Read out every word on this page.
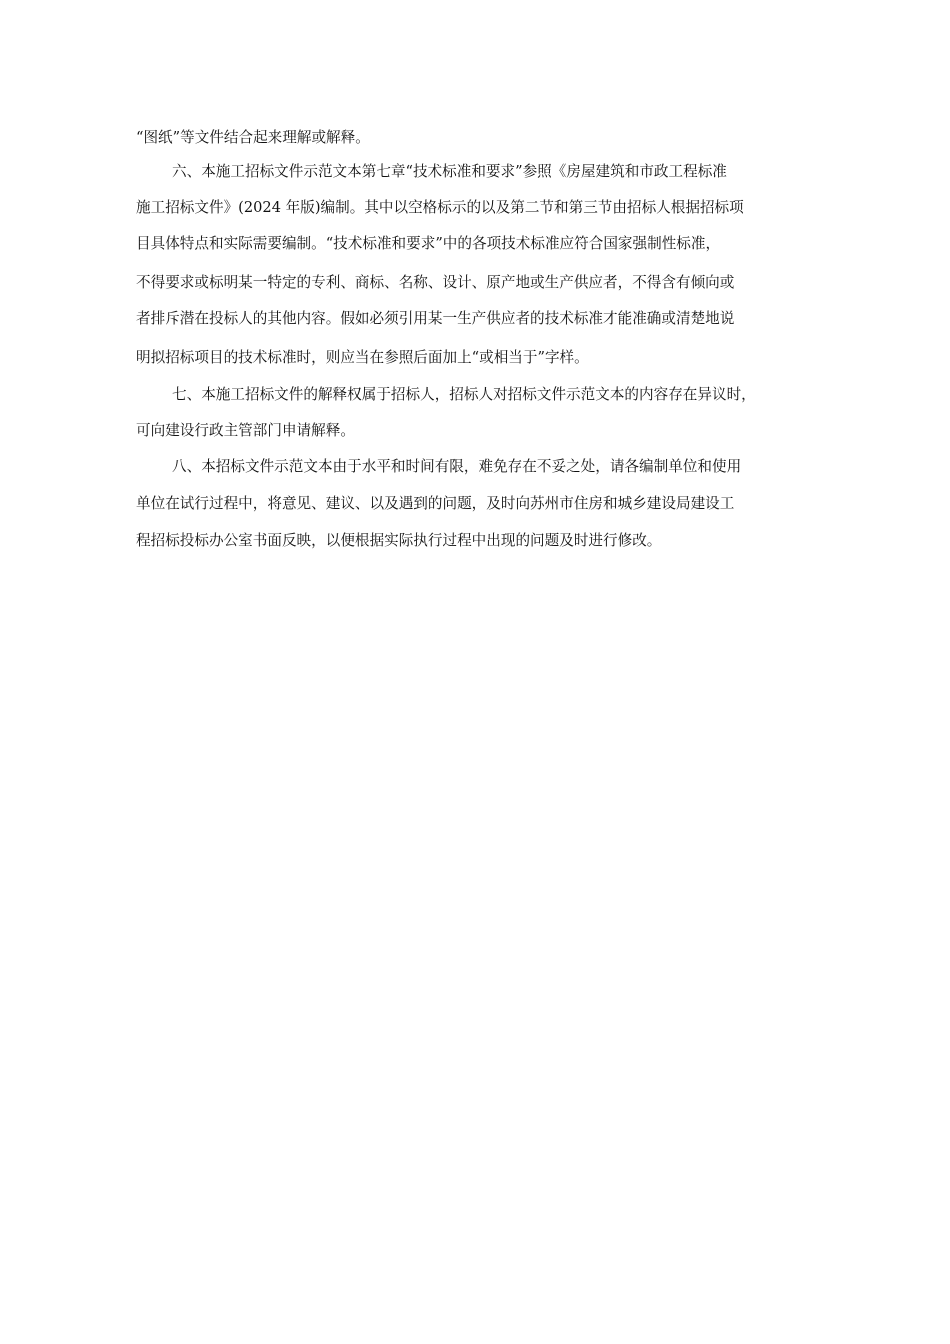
“图纸”等文件结合起来理解或解释。
六、本施工招标文件示范文本第七章“技术标准和要求”参照《房屋建筑和市政工程标准
施工招标文件》(2024 年版)编制。其中以空格标示的以及第二节和第三节由招标人根据招标项
目具体特点和实际需要编制。“技术标准和要求”中的各项技术标准应符合国家强制性标准，
不得要求或标明某一特定的专利、商标、名称、设计、原产地或生产供应者，不得含有倾向或
者排斥潜在投标人的其他内容。假如必须引用某一生产供应者的技术标准才能准确或清楚地说
明拟招标项目的技术标准时，则应当在参照后面加上“或相当于”字样。
七、本施工招标文件的解释权属于招标人，招标人对招标文件示范文本的内容存在异议时，
可向建设行政主管部门申请解释。
八、本招标文件示范文本由于水平和时间有限，难免存在不妥之处，请各编制单位和使用
单位在试行过程中，将意见、建议、以及遇到的问题，及时向苏州市住房和城乡建设局建设工
程招标投标办公室书面反映，以便根据实际执行过程中出现的问题及时进行修改。
